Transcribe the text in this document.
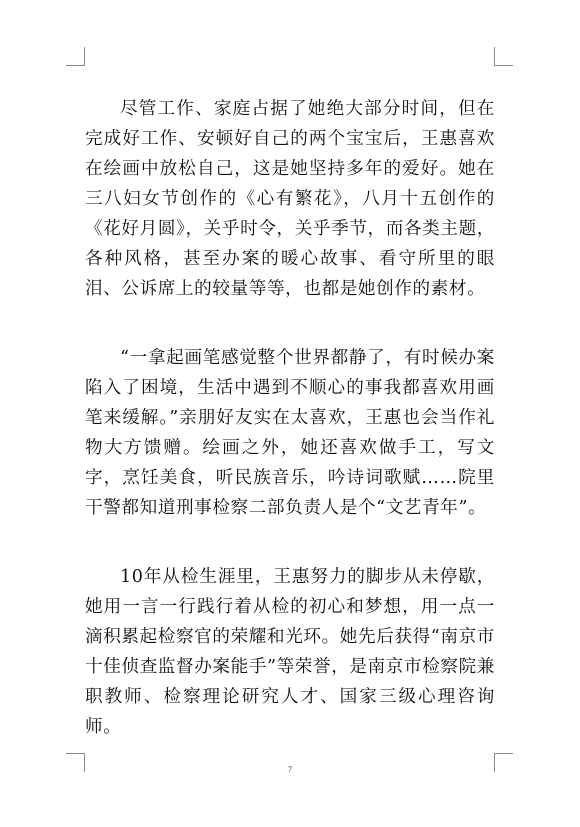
尽管工作、家庭占据了她绝大部分时间，但在完成好工作、安顿好自己的两个宝宝后，王惠喜欢在绘画中放松自己，这是她坚持多年的爱好。她在三八妇女节创作的《心有繁花》，八月十五创作的《花好月圆》，关乎时令，关乎季节，而各类主题，各种风格，甚至办案的暖心故事、看守所里的眼泪、公诉席上的较量等等，也都是她创作的素材。

“一拿起画笔感觉整个世界都静了，有时候办案陷入了困境，生活中遇到不顺心的事我都喜欢用画笔来缓解。”亲朋好友实在太喜欢，王惠也会当作礼物大方馈赠。绘画之外，她还喜欢做手工，写文字，烹饪美食，听民族音乐，吟诗词歌赋……院里干警都知道刑事检察二部负责人是个“文艺青年”。

10年从检生涯里，王惠努力的脚步从未停歇，她用一言一行践行着从检的初心和梦想，用一点一滴积累起检察官的荣耀和光环。她先后获得“南京市十佳侦查监督办案能手”等荣誉，是南京市检察院兼职教师、检察理论研究人才、国家三级心理咨询师。

7
